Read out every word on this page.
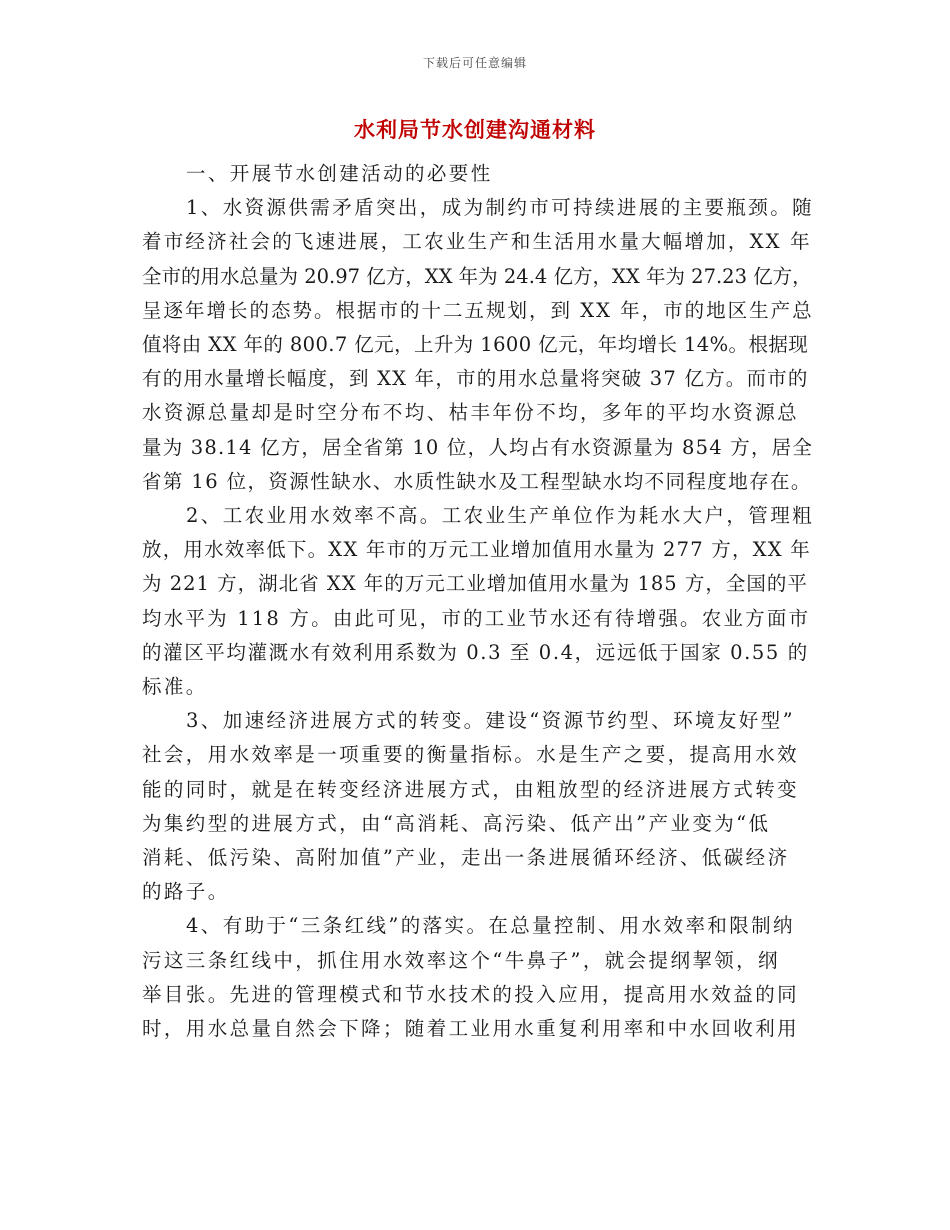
下载后可任意编辑
水利局节水创建沟通材料

一、开展节水创建活动的必要性

1、水资源供需矛盾突出，成为制约市可持续进展的主要瓶颈。随
着市经济社会的飞速进展，工农业生产和生活用水量大幅增加，XX 年
全市的用水总量为 20.97 亿方，XX 年为 24.4 亿方，XX 年为 27.23 亿方，
呈逐年增长的态势。根据市的十二五规划，到 XX 年，市的地区生产总
值将由 XX 年的 800.7 亿元，上升为 1600 亿元，年均增长 14%。根据现
有的用水量增长幅度，到 XX 年，市的用水总量将突破 37 亿方。而市的
水资源总量却是时空分布不均、枯丰年份不均，多年的平均水资源总
量为 38.14 亿方，居全省第 10 位，人均占有水资源量为 854 方，居全
省第 16 位，资源性缺水、水质性缺水及工程型缺水均不同程度地存在。

2、工农业用水效率不高。工农业生产单位作为耗水大户，管理粗
放，用水效率低下。XX 年市的万元工业增加值用水量为 277 方，XX 年
为 221 方，湖北省 XX 年的万元工业增加值用水量为 185 方，全国的平
均水平为 118 方。由此可见，市的工业节水还有待增强。农业方面市
的灌区平均灌溉水有效利用系数为 0.3 至 0.4，远远低于国家 0.55 的
标准。

3、加速经济进展方式的转变。建设“资源节约型、环境友好型”
社会，用水效率是一项重要的衡量指标。水是生产之要，提高用水效
能的同时，就是在转变经济进展方式，由粗放型的经济进展方式转变
为集约型的进展方式，由“高消耗、高污染、低产出”产业变为“低
消耗、低污染、高附加值”产业，走出一条进展循环经济、低碳经济
的路子。

4、有助于“三条红线”的落实。在总量控制、用水效率和限制纳
污这三条红线中，抓住用水效率这个“牛鼻子”，就会提纲挈领，纲
举目张。先进的管理模式和节水技术的投入应用，提高用水效益的同
时，用水总量自然会下降；随着工业用水重复利用率和中水回收利用
